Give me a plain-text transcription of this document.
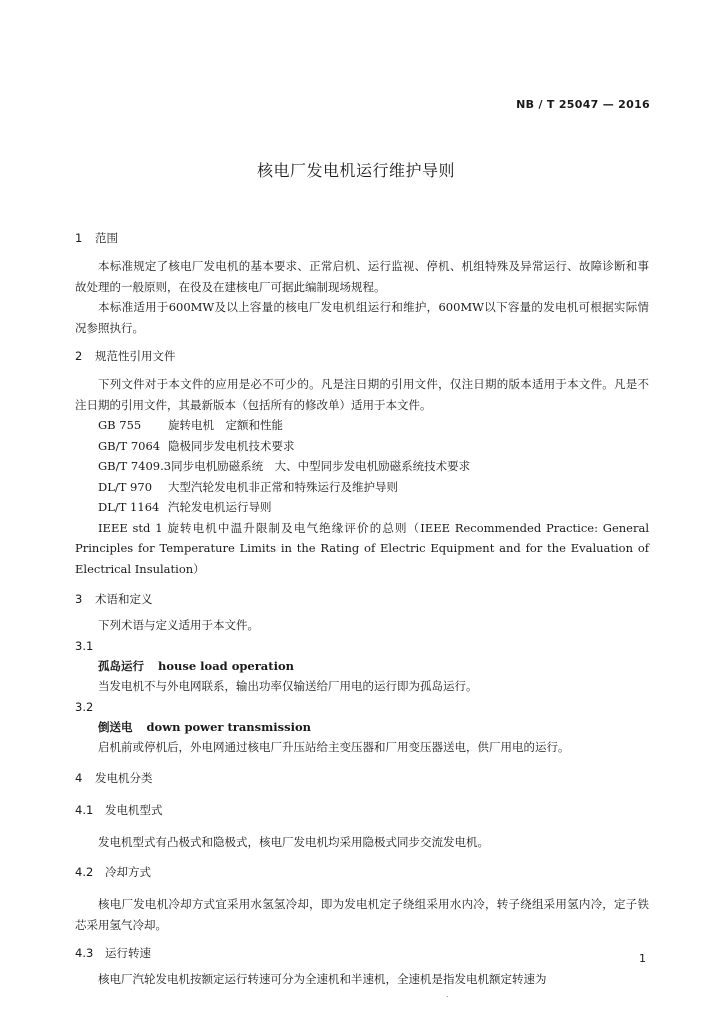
NB / T 25047 — 2016
核电厂发电机运行维护导则
1 范围

本标准规定了核电厂发电机的基本要求、正常启机、运行监视、停机、机组特殊及异常运行、故障诊断和事故处理的一般原则，在役及在建核电厂可据此编制现场规程。

本标准适用于600MW及以上容量的核电厂发电机组运行和维护，600MW以下容量的发电机可根据实际情况参照执行。

2 规范性引用文件

下列文件对于本文件的应用是必不可少的。凡是注日期的引用文件，仅注日期的版本适用于本文件。凡是不注日期的引用文件，其最新版本（包括所有的修改单）适用于本文件。

GB 755 旋转电机　定额和性能
GB/T 7064 隐极同步发电机技术要求
GB/T 7409.3同步电机励磁系统　大、中型同步发电机励磁系统技术要求
DL/T 970 大型汽轮发电机非正常和特殊运行及维护导则
DL/T 1164 汽轮发电机运行导则

IEEE std 1 旋转电机中温升限制及电气绝缘评价的总则（IEEE Recommended Practice: General Principles for Temperature Limits in the Rating of Electric Equipment and for the Evaluation of Electrical Insulation）

3 术语和定义

下列术语与定义适用于本文件。

3.1
孤岛运行 house load operation

当发电机不与外电网联系，输出功率仅输送给厂用电的运行即为孤岛运行。

3.2
倒送电 down power transmission

启机前或停机后，外电网通过核电厂升压站给主变压器和厂用变压器送电，供厂用电的运行。

4 发电机分类
4.1 发电机型式

发电机型式有凸极式和隐极式，核电厂发电机均采用隐极式同步交流发电机。

4.2 冷却方式

核电厂发电机冷却方式宜采用水氢氢冷却，即为发电机定子绕组采用水内冷，转子绕组采用氢内冷，定子铁芯采用氢气冷却。

4.3 运行转速

核电厂汽轮发电机按额定运行转速可分为全速机和半速机，全速机是指发电机额定转速为

1
.
